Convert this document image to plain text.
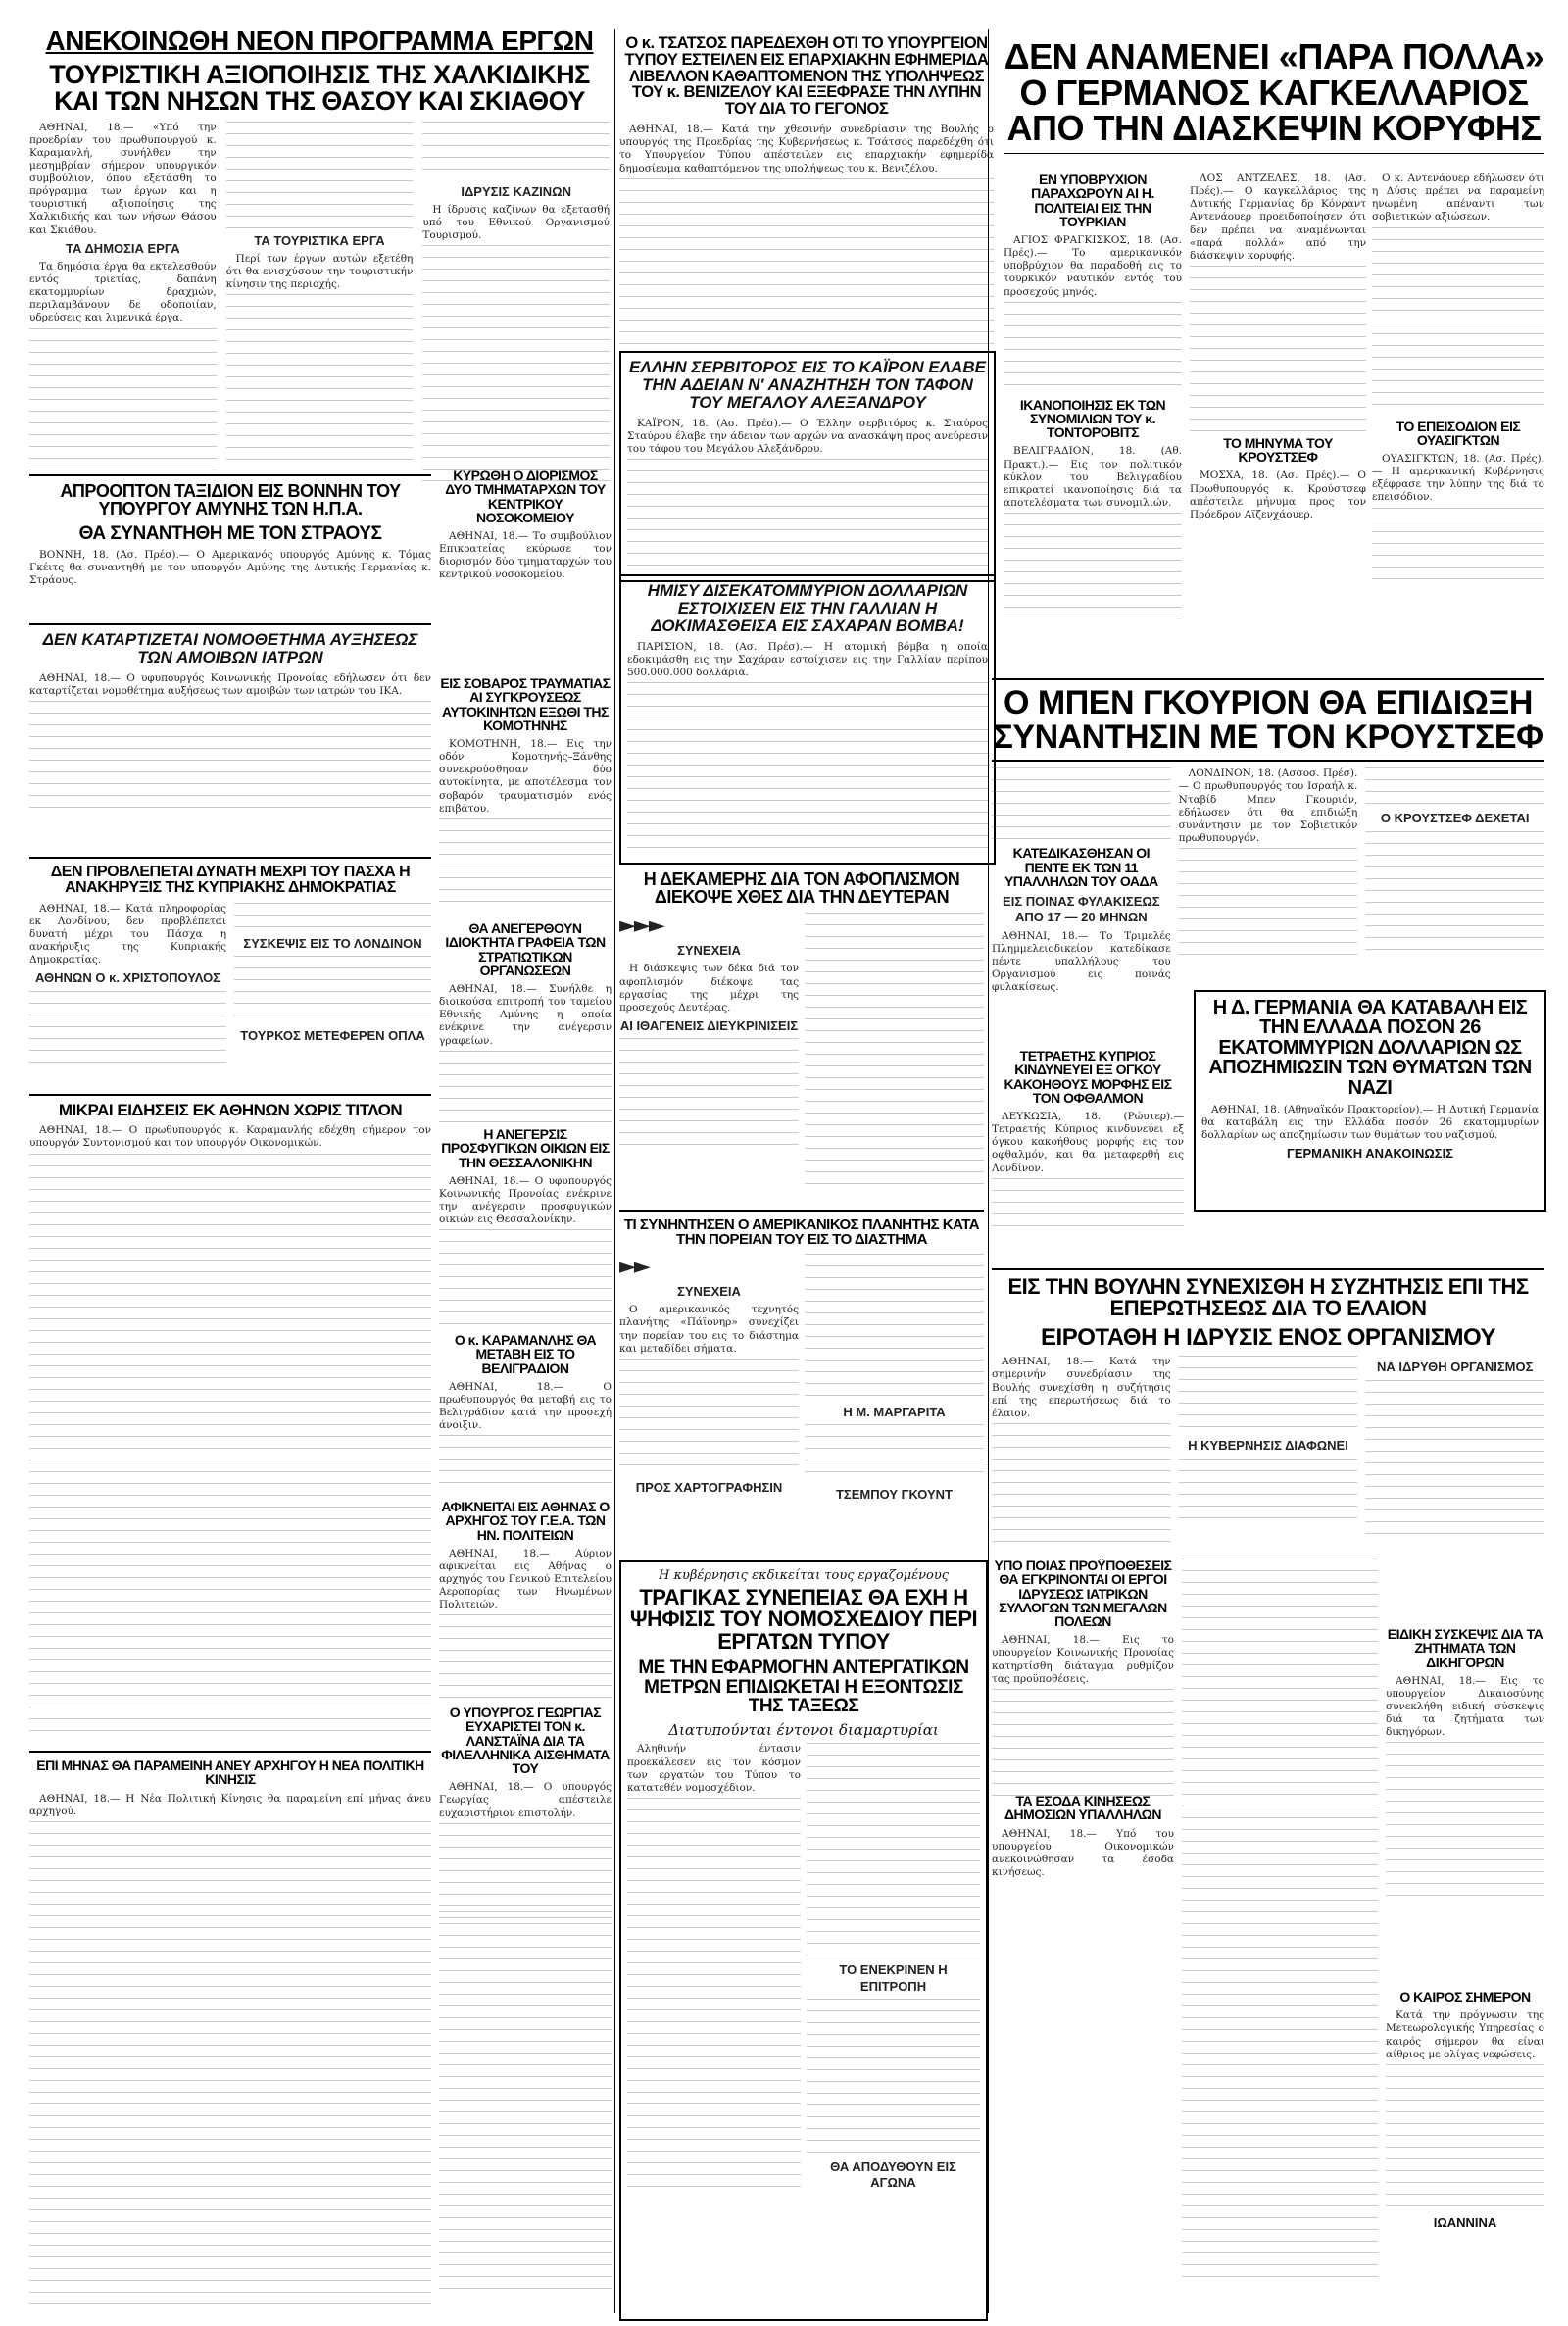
ΑΝΕΚΟΙΝΩΘΗ ΝΕΟΝ ΠΡΟΓΡΑΜΜΑ ΕΡΓΩΝ
ΤΟΥΡΙΣΤΙΚΗ ΑΞΙΟΠΟΙΗΣΙΣ ΤΗΣ ΧΑΛΚΙΔΙΚΗΣ ΚΑΙ ΤΩΝ ΝΗΣΩΝ ΤΗΣ ΘΑΣΟΥ ΚΑΙ ΣΚΙΑΘΟΥ

ΑΘΗΝΑΙ, 18.— «Υπό την προεδρίαν του πρωθυπουργού κ. Καραμανλή, συνήλθεν την μεσημβρίαν σήμερον υπουργικόν συμβούλιον, όπου εξετάσθη το πρόγραμμα των έργων και η τουριστική αξιοποίησις της Χαλκιδικής και των νήσων Θάσου και Σκιάθου.

ΤΑ ΔΗΜΟΣΙΑ ΕΡΓΑ

Τα δημόσια έργα θα εκτελεσθούν εντός τριετίας, δαπάνη εκατομμυρίων δραχμών, περιλαμβάνουν δε οδοποιίαν, υδρεύσεις και λιμενικά έργα.

ΤΑ ΤΟΥΡΙΣΤΙΚΑ ΕΡΓΑ

Περί των έργων αυτών εξετέθη ότι θα ενισχύσουν την τουριστικήν κίνησιν της περιοχής.

ΙΔΡΥΣΙΣ ΚΑΖΙΝΩΝ

Η ίδρυσις καζίνων θα εξετασθή υπό του Εθνικού Οργανισμού Τουρισμού.

Ο κ. ΤΣΑΤΣΟΣ ΠΑΡΕΔΕΧΘΗ ΟΤΙ ΤΟ ΥΠΟΥΡΓΕΙΟΝ ΤΥΠΟΥ ΕΣΤΕΙΛΕΝ ΕΙΣ ΕΠΑΡΧΙΑΚΗΝ ΕΦΗΜΕΡΙΔΑ ΛΙΒΕΛΛΟΝ ΚΑΘΑΠΤΟΜΕΝΟΝ ΤΗΣ ΥΠΟΛΗΨΕΩΣ ΤΟΥ κ. ΒΕΝΙΖΕΛΟΥ ΚΑΙ ΕΞΕΦΡΑΣΕ ΤΗΝ ΛΥΠΗΝ ΤΟΥ ΔΙΑ ΤΟ ΓΕΓΟΝΟΣ

ΑΘΗΝΑΙ, 18.— Κατά την χθεσινήν συνεδρίασιν της Βουλής ο υπουργός της Προεδρίας της Κυβερνήσεως κ. Τσάτσος παρεδέχθη ότι το Υπουργείον Τύπου απέστειλεν εις επαρχιακήν εφημερίδα δημοσίευμα καθαπτόμενον της υπολήψεως του κ. Βενιζέλου.

ΕΛΛΗΝ ΣΕΡΒΙΤΟΡΟΣ ΕΙΣ ΤΟ ΚΑΪΡΟΝ ΕΛΑΒΕ ΤΗΝ ΑΔΕΙΑΝ Ν' ΑΝΑΖΗΤΗΣΗ ΤΟΝ ΤΑΦΟΝ ΤΟΥ ΜΕΓΑΛΟΥ ΑΛΕΞΑΝΔΡΟΥ

ΚΑΪΡΟΝ, 18. (Ασ. Πρέσ).— Ο Έλλην σερβιτόρος κ. Σταύρος Σταύρου έλαβε την άδειαν των αρχών να ανασκάψη προς ανεύρεσιν του τάφου του Μεγάλου Αλεξάνδρου.

ΗΜΙΣΥ ΔΙΣΕΚΑΤΟΜΜΥΡΙΟΝ ΔΟΛΛΑΡΙΩΝ ΕΣΤΟΙΧΙΣΕΝ ΕΙΣ ΤΗΝ ΓΑΛΛΙΑΝ Η ΔΟΚΙΜΑΣΘΕΙΣΑ ΕΙΣ ΣΑΧΑΡΑΝ ΒΟΜΒΑ!

ΠΑΡΙΣΙΟΝ, 18. (Ασ. Πρέσ).— Η ατομική βόμβα η οποία εδοκιμάσθη εις την Σαχάραν εστοίχισεν εις την Γαλλίαν περίπου 500.000.000 δολλάρια.

ΔΕΝ ΑΝΑΜΕΝΕΙ «ΠΑΡΑ ΠΟΛΛΑ» Ο ΓΕΡΜΑΝΟΣ ΚΑΓΚΕΛΛΑΡΙΟΣ ΑΠΟ ΤΗΝ ΔΙΑΣΚΕΨΙΝ ΚΟΡΥΦΗΣ
ΕΝ ΥΠΟΒΡΥΧΙΟΝ ΠΑΡΑΧΩΡΟΥΝ ΑΙ Η. ΠΟΛΙΤΕΙΑΙ ΕΙΣ ΤΗΝ ΤΟΥΡΚΙΑΝ

ΑΓΙΟΣ ΦΡΑΓΚΙΣΚΟΣ, 18. (Ασ. Πρές).— Το αμερικανικόν υποβρύχιον θα παραδοθή εις το τουρκικόν ναυτικόν εντός του προσεχούς μηνός.

ΙΚΑΝΟΠΟΙΗΣΙΣ ΕΚ ΤΩΝ ΣΥΝΟΜΙΛΙΩΝ ΤΟΥ κ. ΤΟΝΤΟΡΟΒΙΤΣ

ΒΕΛΙΓΡΑΔΙΟΝ, 18. (Αθ. Πρακτ.).— Εις τον πολιτικόν κύκλον του Βελιγραδίου επικρατεί ικανοποίησις διά τα αποτελέσματα των συνομιλιών.

ΛΟΣ ΑΝΤΖΕΛΕΣ, 18. (Ασ. Πρές).— Ο καγκελλάριος της Δυτικής Γερμανίας δρ Κόνραντ Αντενάουερ προειδοποίησεν ότι δεν πρέπει να αναμένωνται «παρά πολλά» από την διάσκεψιν κορυφής.

ΤΟ ΜΗΝΥΜΑ ΤΟΥ ΚΡΟΥΣΤΣΕΦ

ΜΟΣΧΑ, 18. (Ασ. Πρές).— Ο Πρωθυπουργός κ. Κρούστσεφ απέστειλε μήνυμα προς τον Πρόεδρον Αϊζενχάουερ.

Ο κ. Αντενάουερ εδήλωσεν ότι η Δύσις πρέπει να παραμείνη ηνωμένη απέναντι των σοβιετικών αξιώσεων.

ΤΟ ΕΠΕΙΣΟΔΙΟΝ ΕΙΣ ΟΥΑΣΙΓΚΤΩΝ

ΟΥΑΣΙΓΚΤΩΝ, 18. (Ασ. Πρές).— Η αμερικανική Κυβέρνησις εξέφρασε την λύπην της διά το επεισόδιον.

Ο ΜΠΕΝ ΓΚΟΥΡΙΟΝ ΘΑ ΕΠΙΔΙΩΞΗ ΣΥΝΑΝΤΗΣΙΝ ΜΕ ΤΟΝ ΚΡΟΥΣΤΣΕΦ
ΚΑΤΕΔΙΚΑΣΘΗΣΑΝ ΟΙ ΠΕΝΤΕ ΕΚ ΤΩΝ 11 ΥΠΑΛΛΗΛΩΝ ΤΟΥ ΟΑΔΑ
ΕΙΣ ΠΟΙΝΑΣ ΦΥΛΑΚΙΣΕΩΣ ΑΠΟ 17 — 20 ΜΗΝΩΝ

ΑΘΗΝΑΙ, 18.— Το Τριμελές Πλημμελειοδικείον κατεδίκασε πέντε υπαλλήλους του Οργανισμού εις ποινάς φυλακίσεως.

ΛΟΝΔΙΝΟΝ, 18. (Ασσοσ. Πρέσ).— Ο πρωθυπουργός του Ισραήλ κ. Νταβίδ Μπεν Γκουριόν, εδήλωσεν ότι θα επιδιώξη συνάντησιν με τον Σοβιετικόν πρωθυπουργόν.

Ο ΚΡΟΥΣΤΣΕΦ ΔΕΧΕΤΑΙ
ΤΕΤΡΑΕΤΗΣ ΚΥΠΡΙΟΣ ΚΙΝΔΥΝΕΥΕΙ ΕΞ ΟΓΚΟΥ ΚΑΚΟΗΘΟΥΣ ΜΟΡΦΗΣ ΕΙΣ ΤΟΝ ΟΦΘΑΛΜΟΝ

ΛΕΥΚΩΣΙΑ, 18. (Ρώυτερ).— Τετραετής Κύπριος κινδυνεύει εξ όγκου κακοήθους μορφής εις τον οφθαλμόν, και θα μεταφερθή εις Λονδίνον.

Η Δ. ΓΕΡΜΑΝΙΑ ΘΑ ΚΑΤΑΒΑΛΗ ΕΙΣ ΤΗΝ ΕΛΛΑΔΑ ΠΟΣΟΝ 26 ΕΚΑΤΟΜΜΥΡΙΩΝ ΔΟΛΛΑΡΙΩΝ ΩΣ ΑΠΟΖΗΜΙΩΣΙΝ ΤΩΝ ΘΥΜΑΤΩΝ ΤΩΝ ΝΑΖΙ

ΑΘΗΝΑΙ, 18. (Αθηναϊκόν Πρακτορείον).— Η Δυτική Γερμανία θα καταβάλη εις την Ελλάδα ποσόν 26 εκατομμυρίων δολλαρίων ως αποζημίωσιν των θυμάτων του ναζισμού.

ΓΕΡΜΑΝΙΚΗ ΑΝΑΚΟΙΝΩΣΙΣ
ΕΙΣ ΤΗΝ ΒΟΥΛΗΝ ΣΥΝΕΧΙΣΘΗ Η ΣΥΖΗΤΗΣΙΣ ΕΠΙ ΤΗΣ ΕΠΕΡΩΤΗΣΕΩΣ ΔΙΑ ΤΟ ΕΛΑΙΟΝ
ΕΙΡΟΤΑΘΗ Η ΙΔΡΥΣΙΣ ΕΝΟΣ ΟΡΓΑΝΙΣΜΟΥ

ΑΘΗΝΑΙ, 18.— Κατά την σημερινήν συνεδρίασιν της Βουλής συνεχίσθη η συζήτησις επί της επερωτήσεως διά το έλαιον.

Η ΚΥΒΕΡΝΗΣΙΣ ΔΙΑΦΩΝΕΙ
ΝΑ ΙΔΡΥΘΗ ΟΡΓΑΝΙΣΜΟΣ
ΥΠΟ ΠΟΙΑΣ ΠΡΟΫΠΟΘΕΣΕΙΣ ΘΑ ΕΓΚΡΙΝΟΝΤΑΙ ΟΙ ΕΡΓΟΙ ΙΔΡΥΣΕΩΣ ΙΑΤΡΙΚΩΝ ΣΥΛΛΟΓΩΝ ΤΩΝ ΜΕΓΑΛΩΝ ΠΟΛΕΩΝ

ΑΘΗΝΑΙ, 18.— Εις το υπουργείον Κοινωνικής Προνοίας κατηρτίσθη διάταγμα ρυθμίζον τας προϋποθέσεις.

ΤΑ ΕΣΟΔΑ ΚΙΝΗΣΕΩΣ ΔΗΜΟΣΙΩΝ ΥΠΑΛΛΗΛΩΝ

ΑΘΗΝΑΙ, 18.— Υπό του υπουργείου Οικονομικών ανεκοινώθησαν τα έσοδα κινήσεως.

ΕΙΔΙΚΗ ΣΥΣΚΕΨΙΣ ΔΙΑ ΤΑ ΖΗΤΗΜΑΤΑ ΤΩΝ ΔΙΚΗΓΟΡΩΝ

ΑΘΗΝΑΙ, 18.— Εις το υπουργείον Δικαιοσύνης συνεκλήθη ειδική σύσκεψις διά τα ζητήματα των δικηγόρων.

Ο ΚΑΙΡΟΣ ΣΗΜΕΡΟΝ

Κατά την πρόγνωσιν της Μετεωρολογικής Υπηρεσίας ο καιρός σήμερον θα είναι αίθριος με ολίγας νεφώσεις.

ΙΩΑΝΝΙΝΑ
ΑΠΡΟΟΠΤΟΝ ΤΑΞΙΔΙΟΝ ΕΙΣ ΒΟΝΝΗΝ ΤΟΥ ΥΠΟΥΡΓΟΥ ΑΜΥΝΗΣ ΤΩΝ Η.Π.Α.
ΘΑ ΣΥΝΑΝΤΗΘΗ ΜΕ ΤΟΝ ΣΤΡΑΟΥΣ

ΒΟΝΝΗ, 18. (Ασ. Πρέσ).— Ο Αμερικανός υπουργός Αμύνης κ. Τόμας Γκέιτς θα συναντηθή με τον υπουργόν Αμύνης της Δυτικής Γερμανίας κ. Στράους.

ΚΥΡΩΘΗ Ο ΔΙΟΡΙΣΜΟΣ ΔΥΟ ΤΜΗΜΑΤΑΡΧΩΝ ΤΟΥ ΚΕΝΤΡΙΚΟΥ ΝΟΣΟΚΟΜΕΙΟΥ

ΑΘΗΝΑΙ, 18.— Το συμβούλιον Επικρατείας εκύρωσε τον διορισμόν δύο τμηματαρχών του κεντρικού νοσοκομείου.

ΔΕΝ ΚΑΤΑΡΤΙΖΕΤΑΙ ΝΟΜΟΘΕΤΗΜΑ ΑΥΞΗΣΕΩΣ ΤΩΝ ΑΜΟΙΒΩΝ ΙΑΤΡΩΝ

ΑΘΗΝΑΙ, 18.— Ο υφυπουργός Κοινωνικής Προνοίας εδήλωσεν ότι δεν καταρτίζεται νομοθέτημα αυξήσεως των αμοιβών των ιατρών του ΙΚΑ.	ΕΙΣ ΣΟΒΑΡΟΣ ΤΡΑΥΜΑΤΙΑΣ ΑΙ ΣΥΓΚΡΟΥΣΕΩΣ ΑΥΤΟΚΙΝΗΤΩΝ ΕΞΩΘΙ ΤΗΣ ΚΟΜΟΤΗΝΗΣ

ΚΟΜΟΤΗΝΗ, 18.— Εις την οδόν Κομοτηνής–Ξάνθης συνεκρούσθησαν δύο αυτοκίνητα, με αποτέλεσμα τον σοβαρόν τραυματισμόν ενός επιβάτου.

ΔΕΝ ΠΡΟΒΛΕΠΕΤΑΙ ΔΥΝΑΤΗ ΜΕΧΡΙ ΤΟΥ ΠΑΣΧΑ Η ΑΝΑΚΗΡΥΞΙΣ ΤΗΣ ΚΥΠΡΙΑΚΗΣ ΔΗΜΟΚΡΑΤΙΑΣ

ΑΘΗΝΑΙ, 18.— Κατά πληροφορίας εκ Λονδίνου, δεν προβλέπεται δυνατή μέχρι του Πάσχα η ανακήρυξις της Κυπριακής Δημοκρατίας.

ΑΘΗΝΩΝ Ο κ. ΧΡΙΣΤΟΠΟΥΛΟΣ
ΣΥΣΚΕΨΙΣ ΕΙΣ ΤΟ ΛΟΝΔΙΝΟΝ
ΤΟΥΡΚΟΣ ΜΕΤΕΦΕΡΕΝ ΟΠΛΑ
ΘΑ ΑΝΕΓΕΡΘΟΥΝ ΙΔΙΟΚΤΗΤΑ ΓΡΑΦΕΙΑ ΤΩΝ ΣΤΡΑΤΙΩΤΙΚΩΝ ΟΡΓΑΝΩΣΕΩΝ

ΑΘΗΝΑΙ, 18.— Συνήλθε η διοικούσα επιτροπή του ταμείου Εθνικής Αμύνης η οποία ενέκρινε την ανέγερσιν γραφείων.

Η ΑΝΕΓΕΡΣΙΣ ΠΡΟΣΦΥΓΙΚΩΝ ΟΙΚΙΩΝ ΕΙΣ ΤΗΝ ΘΕΣΣΑΛΟΝΙΚΗΝ

ΑΘΗΝΑΙ, 18.— Ο υφυπουργός Κοινωνικής Προνοίας ενέκρινε την ανέγερσιν προσφυγικών οικιών εις Θεσσαλονίκην.

ΜΙΚΡΑΙ ΕΙΔΗΣΕΙΣ ΕΚ ΑΘΗΝΩΝ ΧΩΡΙΣ ΤΙΤΛΟΝ

ΑΘΗΝΑΙ, 18.— Ο πρωθυπουργός κ. Καραμανλής εδέχθη σήμερον τον υπουργόν Συντονισμού και τον υπουργόν Οικονομικών.

Ο κ. ΚΑΡΑΜΑΝΛΗΣ ΘΑ ΜΕΤΑΒΗ ΕΙΣ ΤΟ ΒΕΛΙΓΡΑΔΙΟΝ

ΑΘΗΝΑΙ, 18.— Ο πρωθυπουργός θα μεταβή εις το Βελιγράδιον κατά την προσεχή άνοιξιν.

ΑΦΙΚΝΕΙΤΑΙ ΕΙΣ ΑΘΗΝΑΣ Ο ΑΡΧΗΓΟΣ ΤΟΥ Γ.Ε.Α. ΤΩΝ ΗΝ. ΠΟΛΙΤΕΙΩΝ

ΑΘΗΝΑΙ, 18.— Αύριον αφικνείται εις Αθήνας ο αρχηγός του Γενικού Επιτελείου Αεροπορίας των Ηνωμένων Πολιτειών.

Ο ΥΠΟΥΡΓΟΣ ΓΕΩΡΓΙΑΣ ΕΥΧΑΡΙΣΤΕΙ ΤΟΝ κ. ΛΑΝΣΤΑΪΝΑ ΔΙΑ ΤΑ ΦΙΛΕΛΛΗΝΙΚΑ ΑΙΣΘΗΜΑΤΑ ΤΟΥ

ΑΘΗΝΑΙ, 18.— Ο υπουργός Γεωργίας απέστειλε ευχαριστήριον επιστολήν.

ΕΠΙ ΜΗΝΑΣ ΘΑ ΠΑΡΑΜΕΙΝΗ ΑΝΕΥ ΑΡΧΗΓΟΥ Η ΝΕΑ ΠΟΛΙΤΙΚΗ ΚΙΝΗΣΙΣ

ΑΘΗΝΑΙ, 18.— Η Νέα Πολιτική Κίνησις θα παραμείνη επί μήνας άνευ αρχηγού.

Η ΔΕΚΑΜΕΡΗΣ ΔΙΑ ΤΟΝ ΑΦΟΠΛΙΣΜΟΝ ΔΙΕΚΟΨΕ ΧΘΕΣ ΔΙΑ ΤΗΝ ΔΕΥΤΕΡΑΝ
►►►
ΣΥΝΕΧΕΙΑ

Η διάσκεψις των δέκα διά τον αφοπλισμόν διέκοψε τας εργασίας της μέχρι της προσεχούς Δευτέρας.

ΑΙ ΙΘΑΓΕΝΕΙΣ ΔΙΕΥΚΡΙΝΙΣΕΙΣ
ΤΙ ΣΥΝΗΝΤΗΣΕΝ Ο ΑΜΕΡΙΚΑΝΙΚΟΣ ΠΛΑΝΗΤΗΣ ΚΑΤΑ ΤΗΝ ΠΟΡΕΙΑΝ ΤΟΥ ΕΙΣ ΤΟ ΔΙΑΣΤΗΜΑ
►►
ΣΥΝΕΧΕΙΑ

Ο αμερικανικός τεχνητός πλανήτης «Πάϊονηρ» συνεχίζει την πορείαν του εις το διάστημα και μεταδίδει σήματα.

ΠΡΟΣ ΧΑΡΤΟΓΡΑΦΗΣΙΝ
Η Μ. ΜΑΡΓΑΡΙΤΑ
ΤΣΕΜΠΟΥ ΓΚΟΥΝΤ
Η κυβέρνησις εκδικείται τους εργαζομένους
ΤΡΑΓΙΚΑΣ ΣΥΝΕΠΕΙΑΣ ΘΑ ΕΧΗ Η ΨΗΦΙΣΙΣ ΤΟΥ ΝΟΜΟΣΧΕΔΙΟΥ ΠΕΡΙ ΕΡΓΑΤΩΝ ΤΥΠΟΥ
ΜΕ ΤΗΝ ΕΦΑΡΜΟΓΗΝ ΑΝΤΕΡΓΑΤΙΚΩΝ ΜΕΤΡΩΝ ΕΠΙΔΙΩΚΕΤΑΙ Η ΕΞΟΝΤΩΣΙΣ ΤΗΣ ΤΑΞΕΩΣ
Διατυπούνται έντονοι διαμαρτυρίαι

Αληθινήν έντασιν προεκάλεσεν εις τον κόσμον των εργατών του Τύπου το κατατεθέν νομοσχέδιον.

ΤΟ ΕΝΕΚΡΙΝΕΝ Η ΕΠΙΤΡΟΠΗ
ΘΑ ΑΠΟΔΥΘΟΥΝ ΕΙΣ ΑΓΩΝΑ
